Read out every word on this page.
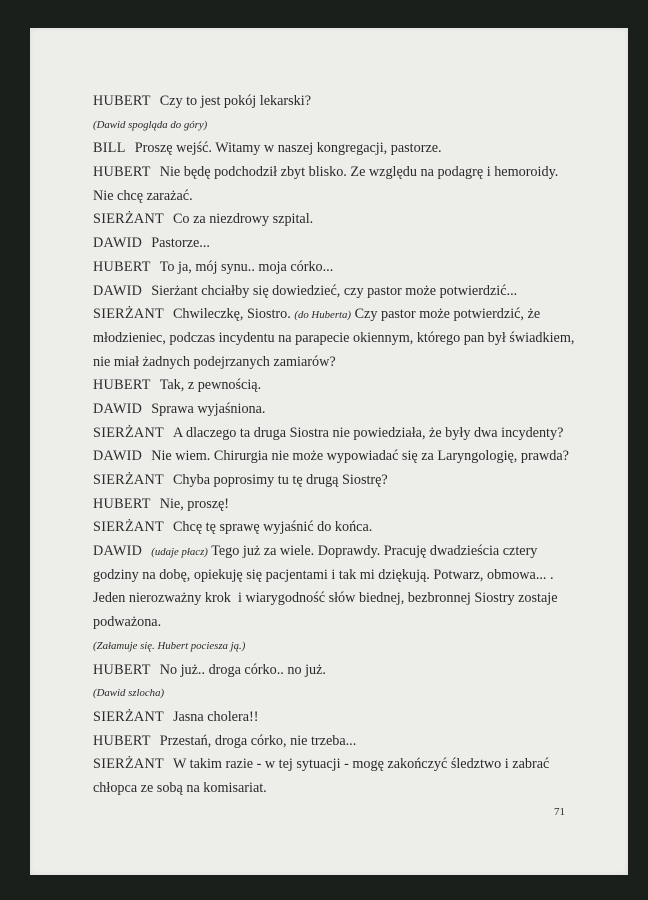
HUBERT Czy to jest pokój lekarski?
(Dawid spogląda do góry)
BILL Proszę wejść. Witamy w naszej kongregacji, pastorze.
HUBERT Nie będę podchodził zbyt blisko. Ze względu na podagrę i hemoroidy.
Nie chcę zarażać.
SIERŻANT Co za niezdrowy szpital.
DAWID Pastorze...
HUBERT To ja, mój synu.. moja córko...
DAWID Sierżant chciałby się dowiedzieć, czy pastor może potwierdzić...
SIERŻANT Chwileczkę, Siostro. (do Huberta) Czy pastor może potwierdzić, że
młodzieniec, podczas incydentu na parapecie okiennym, którego pan był świadkiem,
nie miał żadnych podejrzanych zamiarów?
HUBERT Tak, z pewnością.
DAWID Sprawa wyjaśniona.
SIERŻANT A dlaczego ta druga Siostra nie powiedziała, że były dwa incydenty?
DAWID Nie wiem. Chirurgia nie może wypowiadać się za Laryngologię, prawda?
SIERŻANT Chyba poprosimy tu tę drugą Siostrę?
HUBERT Nie, proszę!
SIERŻANT Chcę tę sprawę wyjaśnić do końca.
DAWID (udaje płacz) Tego już za wiele. Doprawdy. Pracuję dwadzieścia cztery
godziny na dobę, opiekuję się pacjentami i tak mi dziękują. Potwarz, obmowa... .
Jeden nierozważny krok  i wiarygodność słów biednej, bezbronnej Siostry zostaje
podważona.
(Załamuje się. Hubert pociesza ją.)
HUBERT No już.. droga córko.. no już.
(Dawid szlocha)
SIERŻANT Jasna cholera!!
HUBERT Przestań, droga córko, nie trzeba...
SIERŻANT W takim razie - w tej sytuacji - mogę zakończyć śledztwo i zabrać
chłopca ze sobą na komisariat.
71
